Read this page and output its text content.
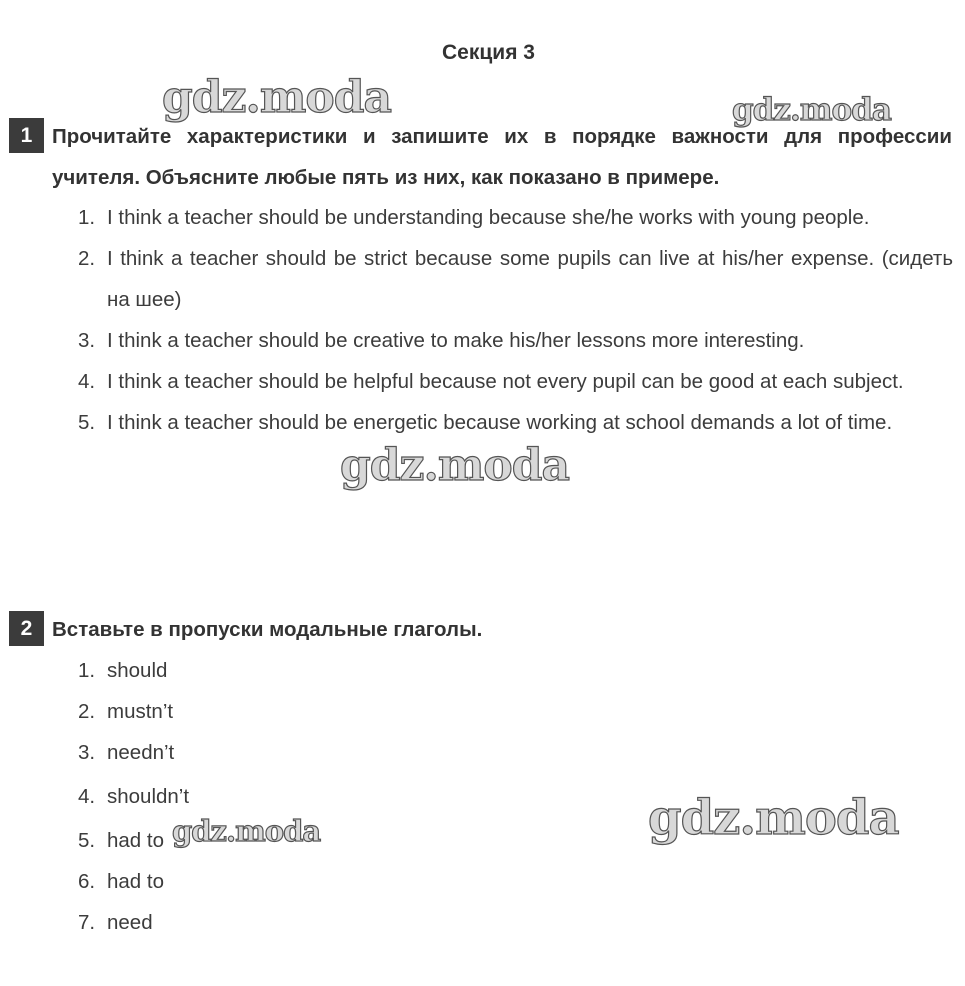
Секция 3
1 Прочитайте характеристики и запишите их в порядке важности для профессии учителя. Объясните любые пять из них, как показано в примере.
1. I think a teacher should be understanding because she/he works with young people.
2. I think a teacher should be strict because some pupils can live at his/her expense. (сидеть на шее)
3. I think a teacher should be creative to make his/her lessons more interesting.
4. I think a teacher should be helpful because not every pupil can be good at each subject.
5. I think a teacher should be energetic because working at school demands a lot of time.
2 Вставьте в пропуски модальные глаголы.
1. should
2. mustn’t
3. needn’t
4. shouldn’t
5. had to
6. had to
7. need
gdz.moda	gdz.moda
gdz.moda
gdz.moda	gdz.moda
